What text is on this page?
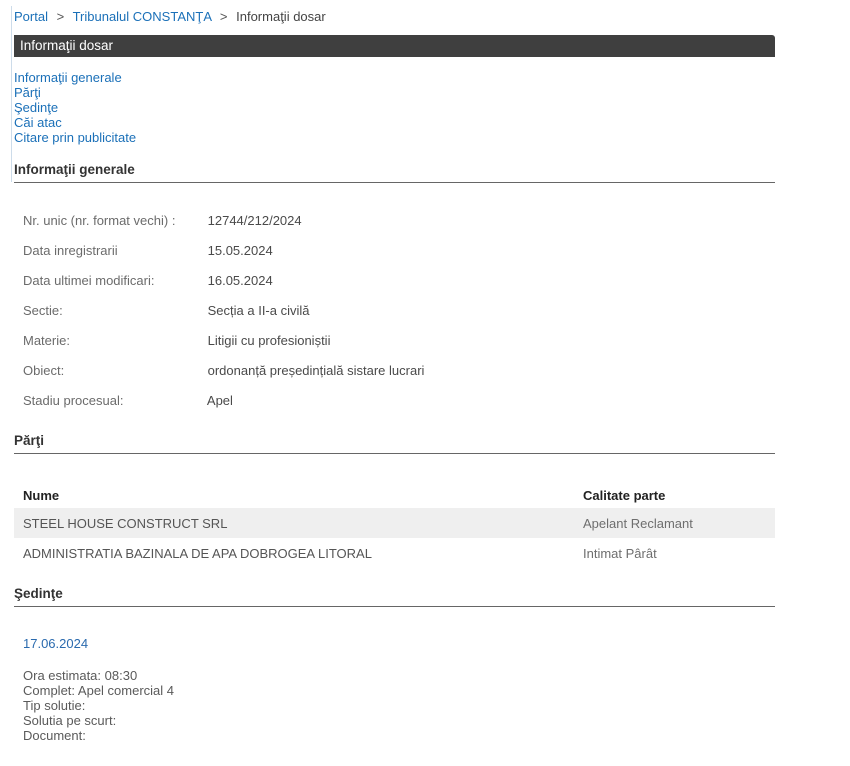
Portal > Tribunalul CONSTANŢA > Informaţii dosar
Informaţii dosar
Informaţii generale
Părţi
Şedinţe
Căi atac
Citare prin publicitate
Informaţii generale
Nr. unic (nr. format vechi) : 12744/212/2024
Data inregistrarii	15.05.2024
Data ultimei modificari:	16.05.2024
Sectie:	Secția a II-a civilă
Materie:	Litigii cu profesioniștii
Obiect:	ordonanță președințială sistare lucrari
Stadiu procesual:	Apel
Părţi
Nume	Calitate parte
STEEL HOUSE CONSTRUCT SRL	Apelant Reclamant
ADMINISTRATIA BAZINALA DE APA DOBROGEA LITORAL	Intimat Pârât
Şedinţe
17.06.2024
Ora estimata: 08:30
Complet: Apel comercial 4
Tip solutie:
Solutia pe scurt:
Document:
